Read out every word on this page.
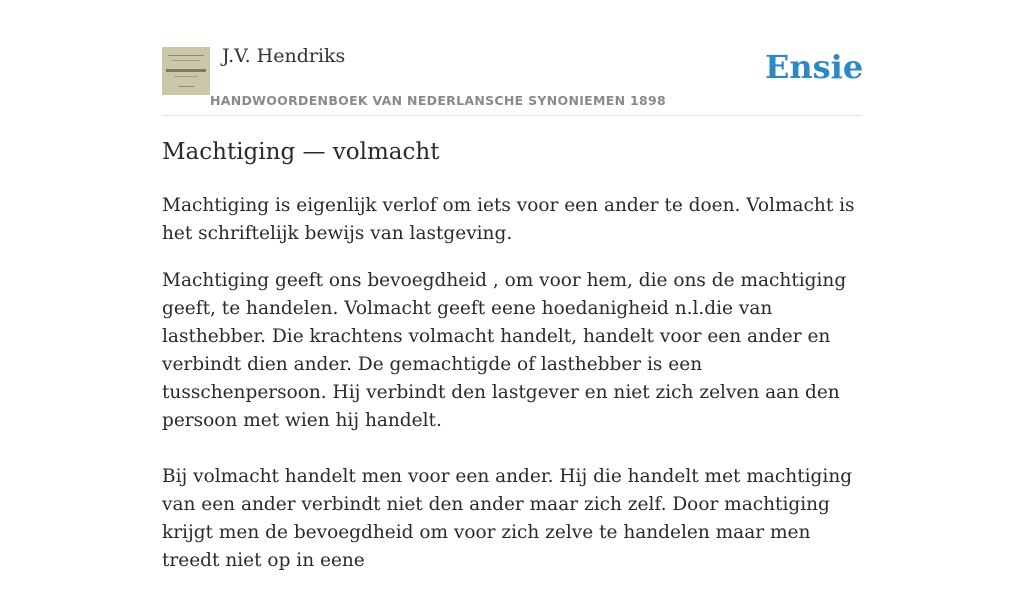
J.V. Hendriks
HANDWOORDENBOEK VAN NEDERLANSCHE SYNONIEMEN 1898
Ensie
Machtiging — volmacht

Machtiging is eigenlijk verlof om iets voor een ander te doen. Volmacht is het schriftelijk bewijs van lastgeving.

Machtiging geeft ons bevoegdheid , om voor hem, die ons de machtiging geeft, te handelen. Volmacht geeft eene hoedanigheid n.l.die van lasthebber. Die krachtens volmacht handelt, handelt voor een ander en verbindt dien ander. De gemachtigde of lasthebber is een tusschenpersoon. Hij verbindt den lastgever en niet zich zelven aan den persoon met wien hij handelt.

Bij volmacht handelt men voor een ander. Hij die handelt met machtiging van een ander verbindt niet den ander maar zich zelf. Door machtiging krijgt men de bevoegdheid om voor zich zelve te handelen maar men treedt niet op in eene
